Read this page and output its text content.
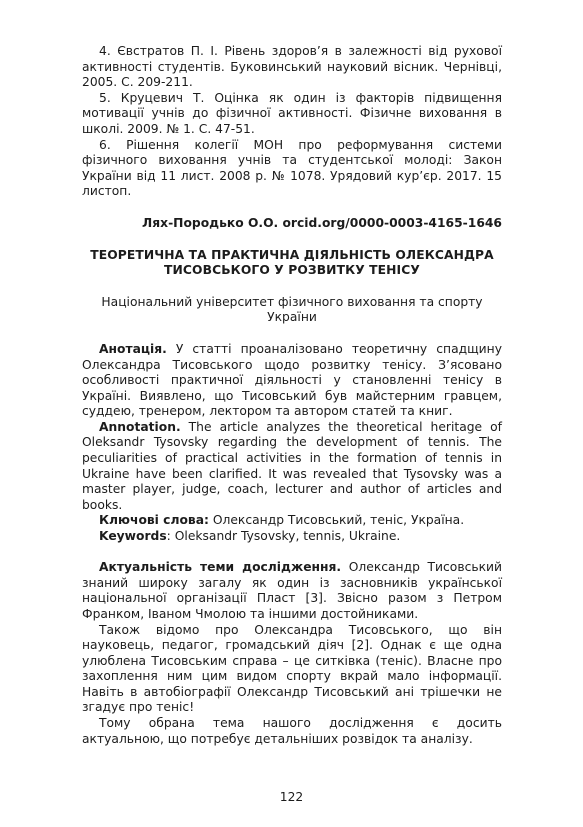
4. Євстратов П. І. Рівень здоров’я в залежності від рухової активності студентів. Буковинський науковий вісник. Чернівці, 2005. С. 209-211.

5. Круцевич Т. Оцінка як один із факторів підвищення мотивації учнів до фізичної активності. Фізичне виховання в школі. 2009. № 1. С. 47-51.

6. Рішення колегії МОН про реформування системи фізичного виховання учнів та студентської молоді: Закон України від 11 лист. 2008 р. № 1078. Урядовий кур’єр. 2017. 15 листоп.

Лях-Породько О.О. orcid.org/0000-0003-4165-1646

ТЕОРЕТИЧНА ТА ПРАКТИЧНА ДІЯЛЬНІСТЬ ОЛЕКСАНДРА
ТИСОВСЬКОГО У РОЗВИТКУ ТЕНІСУ
Національний університет фізичного виховання та спорту
України

Анотація. У статті проаналізовано теоретичну спадщину Олександра Тисовського щодо розвитку тенісу. З’ясовано особливості практичної діяльності у становленні тенісу в Україні. Виявлено, що Тисовський був майстерним гравцем, суддею, тренером, лектором та автором статей та книг.

Annotation. The article analyzes the theoretical heritage of Oleksandr Tysovsky regarding the development of tennis. The peculiarities of practical activities in the formation of tennis in Ukraine have been clarified. It was revealed that Tysovsky was a master player, judge, coach, lecturer and author of articles and books.

Ключові слова: Олександр Тисовський, теніс, Україна.

Keywords: Oleksandr Tysovsky, tennis, Ukraine.

Актуальність теми дослідження. Олександр Тисовський знаний широку загалу як один із засновників української національної організації Пласт [3]. Звісно разом з Петром Франком, Іваном Чмолою та іншими достойниками.

Також відомо про Олександра Тисовського, що він науковець, педагог, громадський діяч [2]. Однак є ще одна улюблена Тисовським справа – це ситківка (теніс). Власне про захоплення ним цим видом спорту вкрай мало інформації. Навіть в автобіографії Олександр Тисовський ані трішечки не згадує про теніс!

Тому обрана тема нашого дослідження є досить актуальною, що потребує детальніших розвідок та аналізу.

122
